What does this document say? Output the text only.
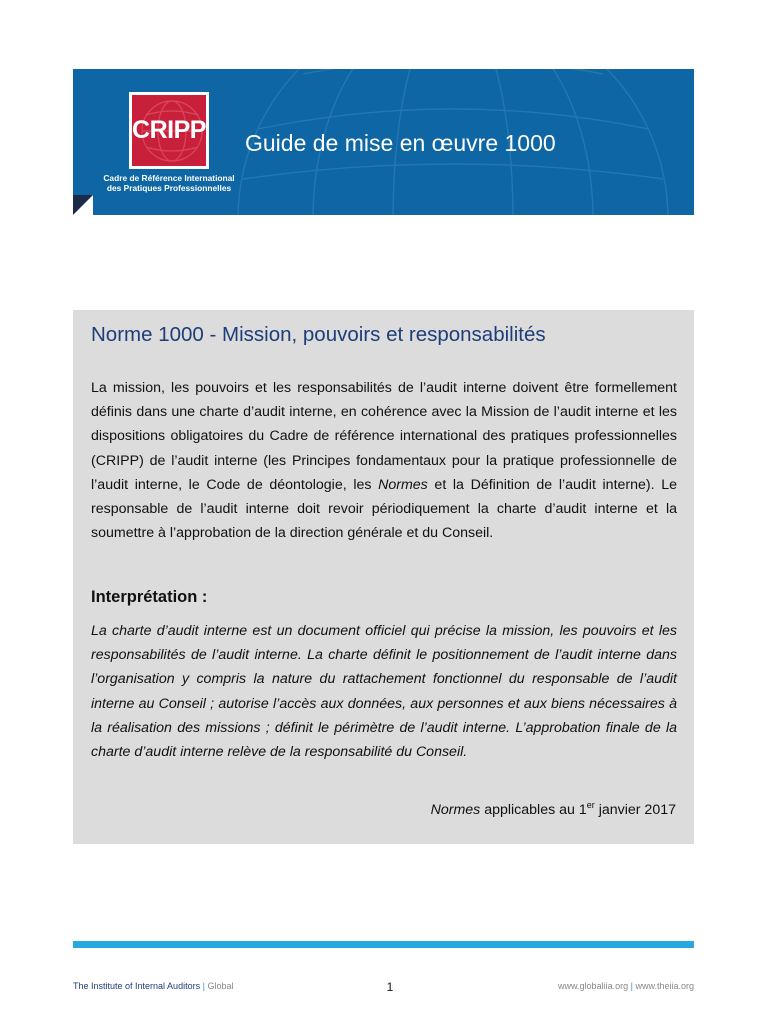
CRIPP
Cadre de Référence International
des Pratiques Professionnelles
Guide de mise en œuvre 1000
Norme 1000 - Mission, pouvoirs et responsabilités

La mission, les pouvoirs et les responsabilités de l’audit interne doivent être formellement définis dans une charte d’audit interne, en cohérence avec la Mission de l’audit interne et les dispositions obligatoires du Cadre de référence international des pratiques professionnelles (CRIPP) de l’audit interne (les Principes fondamentaux pour la pratique professionnelle de l’audit interne, le Code de déontologie, les Normes et la Définition de l’audit interne). Le responsable de l’audit interne doit revoir périodiquement la charte d’audit interne et la soumettre à l’approbation de la direction générale et du Conseil.

Interprétation :

La charte d’audit interne est un document officiel qui précise la mission, les pouvoirs et les responsabilités de l’audit interne. La charte définit le positionnement de l’audit interne dans l’organisation y compris la nature du rattachement fonctionnel du responsable de l’audit interne au Conseil ; autorise l’accès aux données, aux personnes et aux biens nécessaires à la réalisation des missions ; définit le périmètre de l’audit interne. L’approbation finale de la charte d’audit interne relève de la responsabilité du Conseil.

Normes applicables au 1er janvier 2017
The Institute of Internal Auditors | Global	1	www.globaliia.org | www.theiia.org
